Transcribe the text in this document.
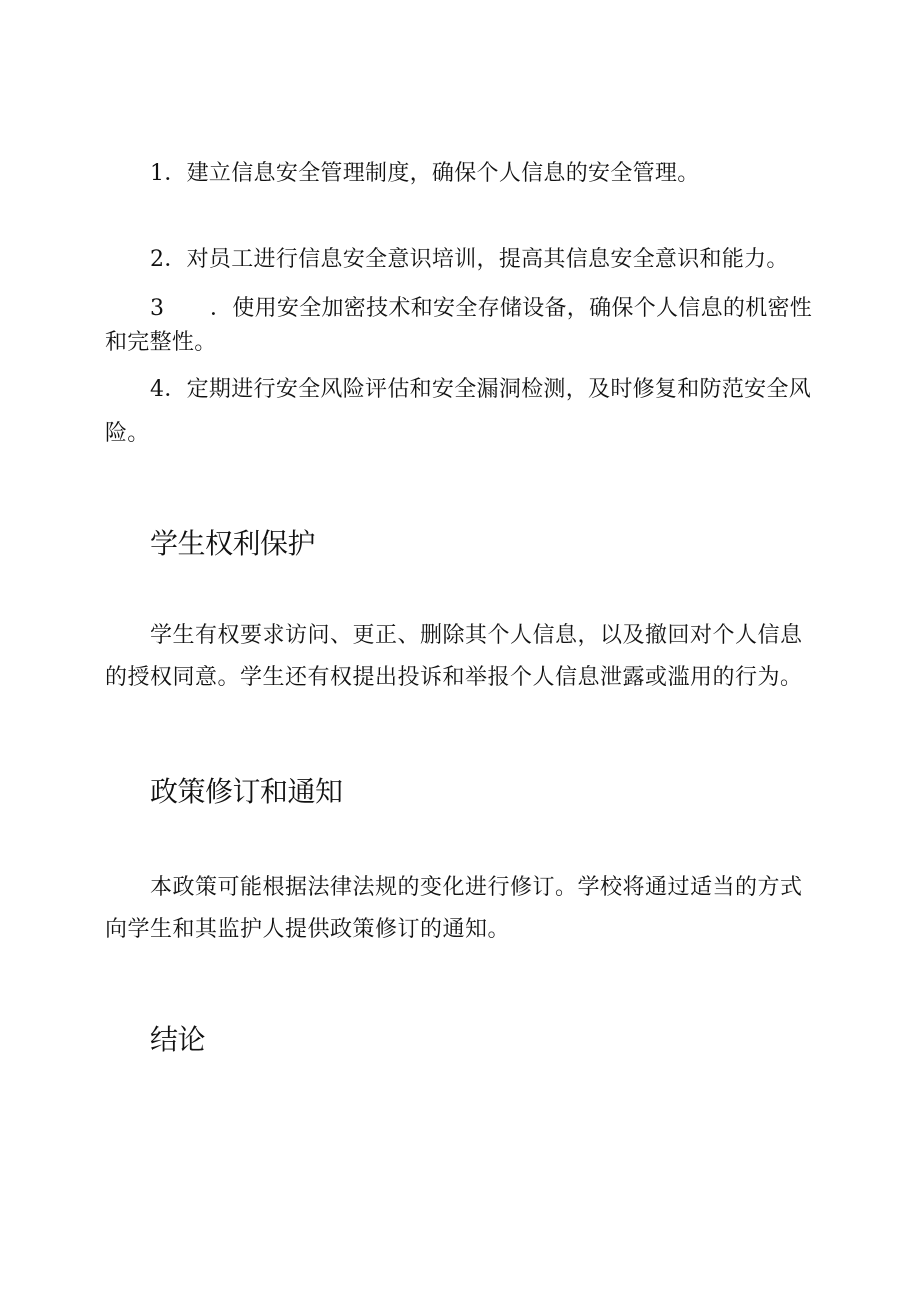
1．建立信息安全管理制度，确保个人信息的安全管理。

2．对员工进行信息安全意识培训，提高其信息安全意识和能力。

3 ．使用安全加密技术和安全存储设备，确保个人信息的机密性和完整性。

4．定期进行安全风险评估和安全漏洞检测，及时修复和防范安全风险。

学生权利保护

学生有权要求访问、更正、删除其个人信息，以及撤回对个人信息的授权同意。学生还有权提出投诉和举报个人信息泄露或滥用的行为。

政策修订和通知

本政策可能根据法律法规的变化进行修订。学校将通过适当的方式向学生和其监护人提供政策修订的通知。

结论
